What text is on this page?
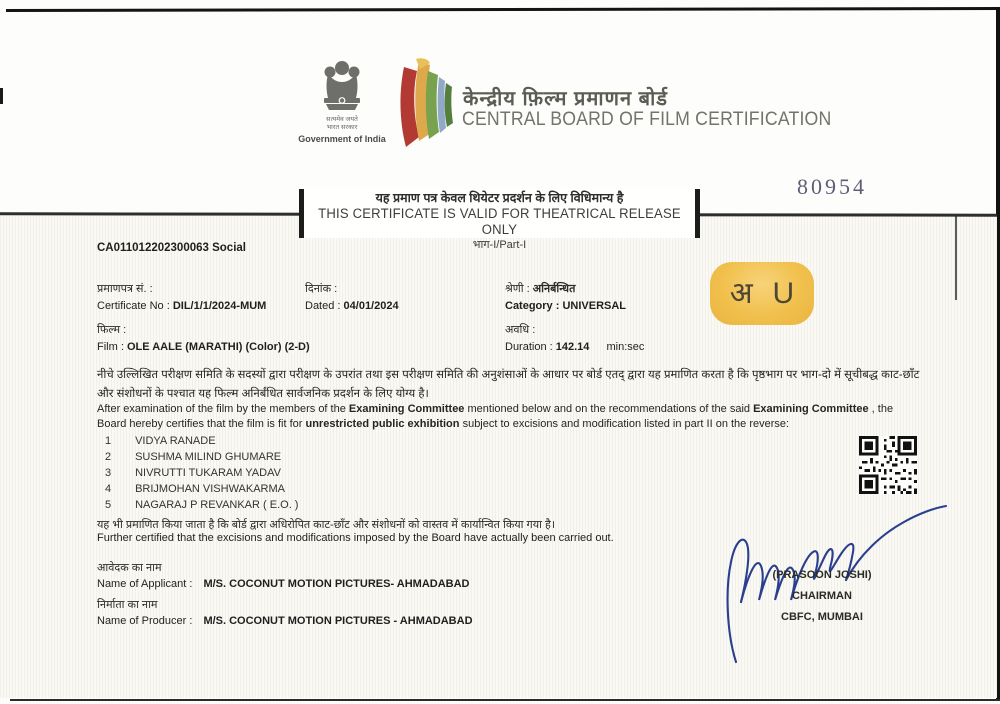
सत्यमेव जयते
भारत सरकार
Government of India
केन्द्रीय फ़िल्म प्रमाणन बोर्ड
CENTRAL BOARD OF FILM CERTIFICATION
80954
यह प्रमाण पत्र केवल थियेटर प्रदर्शन के लिए विधिमान्य है
THIS CERTIFICATE IS VALID FOR THEATRICAL RELEASE ONLY
भाग-I/Part-I
CA011012202300063 Social
प्रमाणपत्र सं. :
Certificate No : DIL/1/1/2024-MUM
दिनांक :
Dated : 04/01/2024
श्रेणी : अनिर्बन्धित
Category : UNIVERSAL
फिल्म :
Film : OLE AALE (MARATHI) (Color) (2-D)
अवधि :
Duration : 142.14 min:sec
अ U
नीचे उल्लिखित परीक्षण समिति के सदस्यों द्वारा परीक्षण के उपरांत तथा इस परीक्षण समिति की अनुशंसाओं के आधार पर बोर्ड एतद् द्वारा यह प्रमाणित करता है कि पृष्ठभाग पर भाग-दो में सूचीबद्ध काट-छाँट और संशोधनों के पश्चात यह फिल्म अनिर्बंधित सार्वजनिक प्रदर्शन के लिए योग्य है।
After examination of the film by the members of the Examining Committee mentioned below and on the recommendations of the said Examining Committee , the Board hereby certifies that the film is fit for unrestricted public exhibition subject to excisions and modification listed in part II on the reverse:
1 VIDYA RANADE
2 SUSHMA MILIND GHUMARE
3 NIVRUTTI TUKARAM YADAV
4 BRIJMOHAN VISHWAKARMA
5 NAGARAJ P REVANKAR ( E.O. )
यह भी प्रमाणित किया जाता है कि बोर्ड द्वारा अधिरोपित काट-छाँट और संशोधनों को वास्तव में कार्यान्वित किया गया है।
Further certified that the excisions and modifications imposed by the Board have actually been carried out.
आवेदक का नाम
Name of Applicant : M/S. COCONUT MOTION PICTURES- AHMADABAD
निर्माता का नाम
Name of Producer : M/S. COCONUT MOTION PICTURES - AHMADABAD
(PRASOON JOSHI)
CHAIRMAN
CBFC, MUMBAI
